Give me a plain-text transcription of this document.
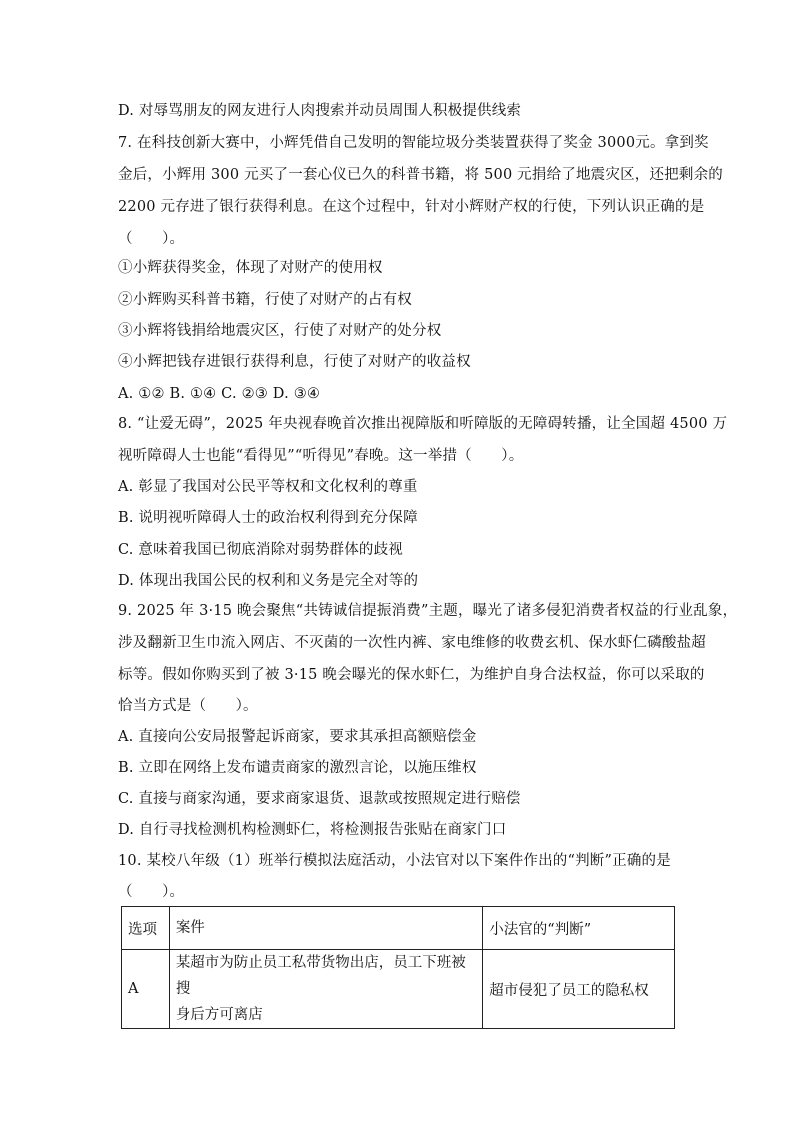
D. 对辱骂朋友的网友进行人肉搜索并动员周围人积极提供线索
7. 在科技创新大赛中，小辉凭借自己发明的智能垃圾分类装置获得了奖金 3000元。拿到奖
金后，小辉用 300 元买了一套心仪已久的科普书籍，将 500 元捐给了地震灾区，还把剩余的
2200 元存进了银行获得利息。在这个过程中，针对小辉财产权的行使，下列认识正确的是
（　　）。
①小辉获得奖金，体现了对财产的使用权
②小辉购买科普书籍，行使了对财产的占有权
③小辉将钱捐给地震灾区，行使了对财产的处分权
④小辉把钱存进银行获得利息，行使了对财产的收益权
A. ①② B. ①④ C. ②③ D. ③④
8. “让爱无碍”，2025 年央视春晚首次推出视障版和听障版的无障碍转播，让全国超 4500 万
视听障碍人士也能“看得见”“听得见”春晚。这一举措（　　）。
A. 彰显了我国对公民平等权和文化权利的尊重
B. 说明视听障碍人士的政治权利得到充分保障
C. 意味着我国已彻底消除对弱势群体的歧视
D. 体现出我国公民的权利和义务是完全对等的
9. 2025 年 3·15 晚会聚焦“共铸诚信提振消费”主题，曝光了诸多侵犯消费者权益的行业乱象，
涉及翻新卫生巾流入网店、不灭菌的一次性内裤、家电维修的收费玄机、保水虾仁磷酸盐超
标等。假如你购买到了被 3·15 晚会曝光的保水虾仁，为维护自身合法权益，你可以采取的
恰当方式是（　　）。
A. 直接向公安局报警起诉商家，要求其承担高额赔偿金
B. 立即在网络上发布谴责商家的激烈言论，以施压维权
C. 直接与商家沟通，要求商家退货、退款或按照规定进行赔偿
D. 自行寻找检测机构检测虾仁，将检测报告张贴在商家门口
10. 某校八年级（1）班举行模拟法庭活动，小法官对以下案件作出的“判断”正确的是
（　　）。
选项	案件	小法官的“判断”
A	某超市为防止员工私带货物出店，员工下班被搜
身后方可离店	超市侵犯了员工的隐私权
